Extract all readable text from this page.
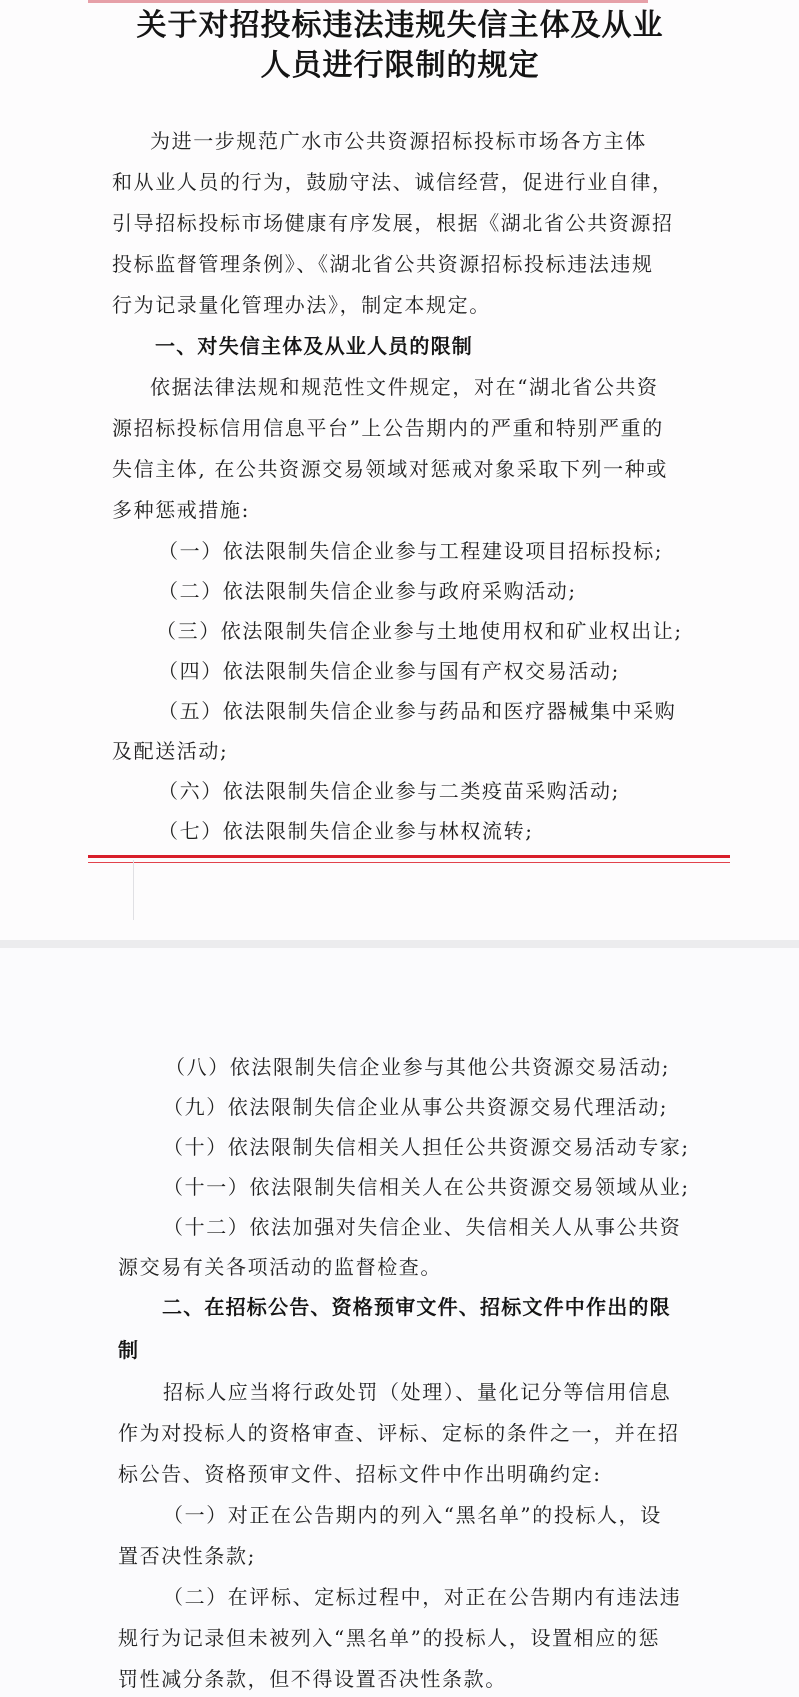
关于对招投标违法违规失信主体及从业
人员进行限制的规定
为进一步规范广水市公共资源招标投标市场各方主体
和从业人员的行为，鼓励守法、诚信经营，促进行业自律，
引导招标投标市场健康有序发展，根据《湖北省公共资源招
投标监督管理条例》、《湖北省公共资源招标投标违法违规
行为记录量化管理办法》，制定本规定。
一、对失信主体及从业人员的限制
依据法律法规和规范性文件规定，对在“湖北省公共资
源招标投标信用信息平台”上公告期内的严重和特别严重的
失信主体, 在公共资源交易领域对惩戒对象采取下列一种或
多种惩戒措施:
（一）依法限制失信企业参与工程建设项目招标投标;
（二）依法限制失信企业参与政府采购活动;
（三）依法限制失信企业参与土地使用权和矿业权出让;
（四）依法限制失信企业参与国有产权交易活动;
（五）依法限制失信企业参与药品和医疗器械集中采购
及配送活动;
（六）依法限制失信企业参与二类疫苗采购活动;
（七）依法限制失信企业参与林权流转;
（八）依法限制失信企业参与其他公共资源交易活动;
（九）依法限制失信企业从事公共资源交易代理活动;
（十）依法限制失信相关人担任公共资源交易活动专家;
（十一）依法限制失信相关人在公共资源交易领域从业;
（十二）依法加强对失信企业、失信相关人从事公共资
源交易有关各项活动的监督检查。
二、在招标公告、资格预审文件、招标文件中作出的限
制
招标人应当将行政处罚（处理）、量化记分等信用信息
作为对投标人的资格审查、评标、定标的条件之一，并在招
标公告、资格预审文件、招标文件中作出明确约定:
（一）对正在公告期内的列入“黑名单”的投标人，设
置否决性条款;
（二）在评标、定标过程中，对正在公告期内有违法违
规行为记录但未被列入“黑名单”的投标人，设置相应的惩
罚性减分条款，但不得设置否决性条款。
